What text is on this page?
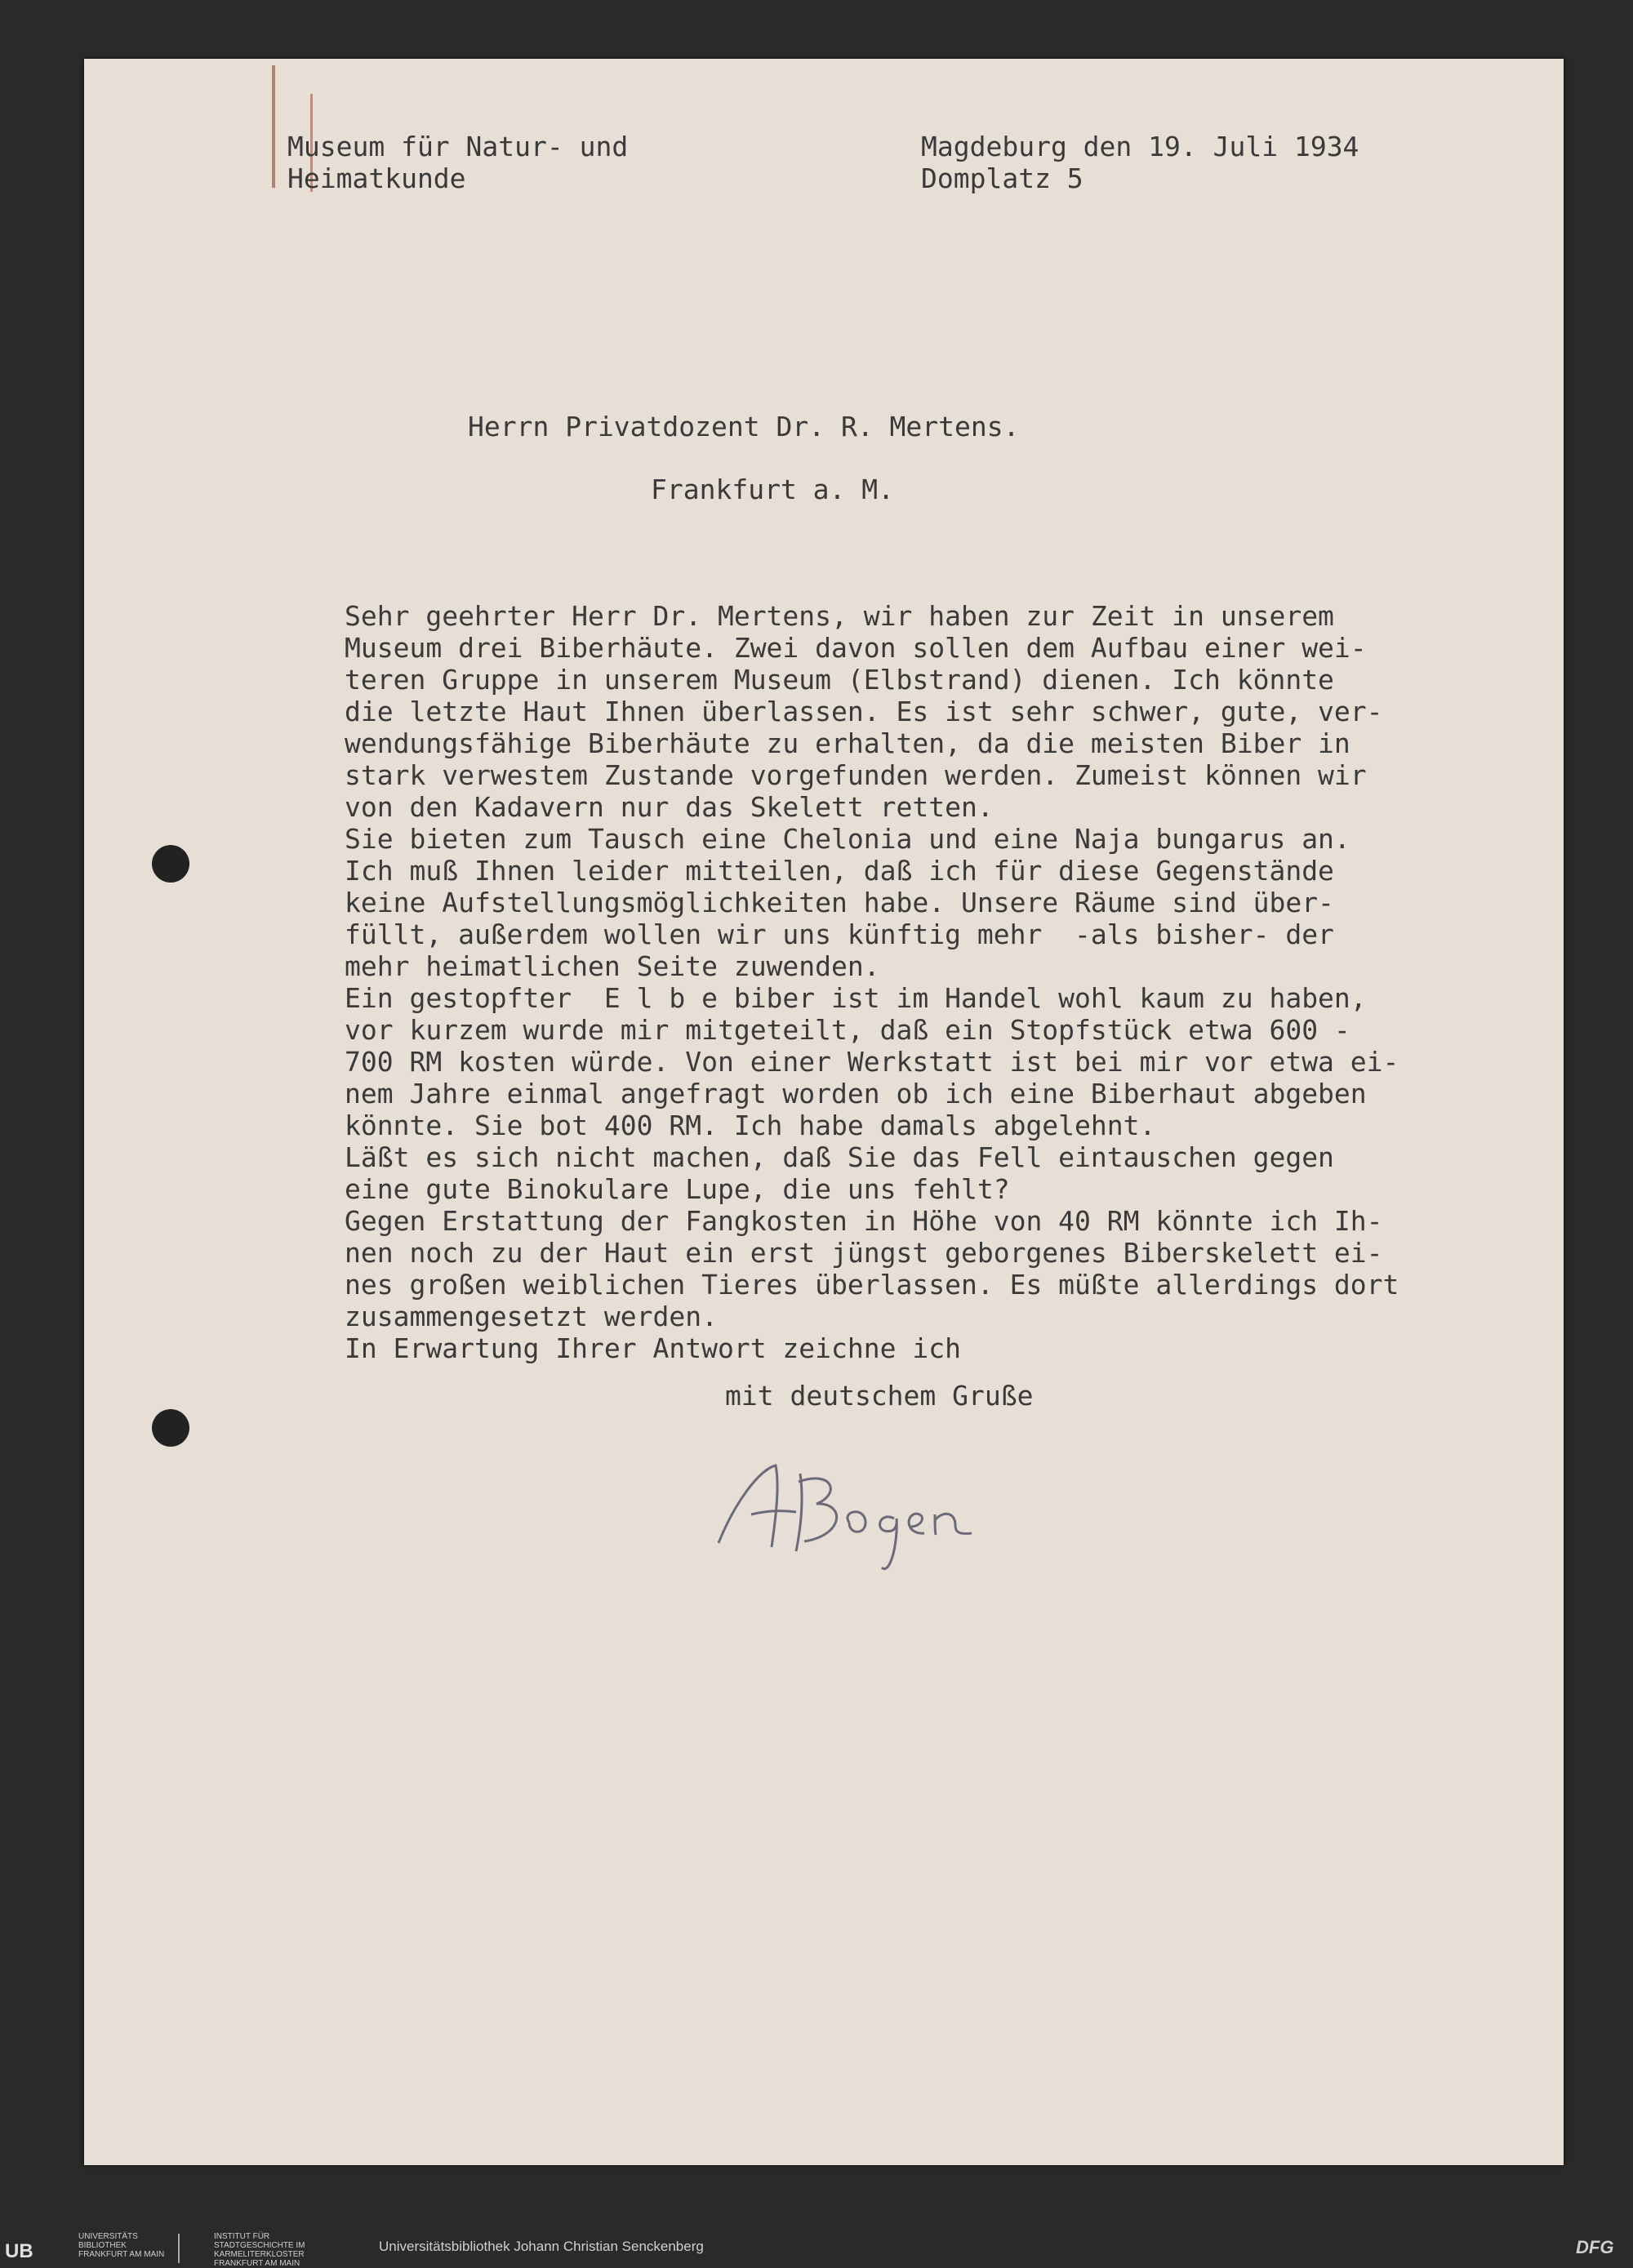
Museum für Natur- und
Heimatkunde
Magdeburg den 19. Juli 1934
Domplatz 5
Herrn Privatdozent Dr. R. Mertens.
Frankfurt a. M.

Sehr geehrter Herr Dr. Mertens, wir haben zur Zeit in unserem

Museum drei Biberhäute. Zwei davon sollen dem Aufbau einer wei-

teren Gruppe in unserem Museum (Elbstrand) dienen. Ich könnte

die letzte Haut Ihnen überlassen. Es ist sehr schwer, gute, ver-

wendungsfähige Biberhäute zu erhalten, da die meisten Biber in

stark verwestem Zustande vorgefunden werden. Zumeist können wir

von den Kadavern nur das Skelett retten.

Sie bieten zum Tausch eine Chelonia und eine Naja bungarus an.

Ich muß Ihnen leider mitteilen, daß ich für diese Gegenstände

keine Aufstellungsmöglichkeiten habe. Unsere Räume sind über-

füllt, außerdem wollen wir uns künftig mehr  -als bisher- der

mehr heimatlichen Seite zuwenden.

Ein gestopfter  E l b e biber ist im Handel wohl kaum zu haben,

vor kurzem wurde mir mitgeteilt, daß ein Stopfstück etwa 600 -

700 RM kosten würde. Von einer Werkstatt ist bei mir vor etwa ei-

nem Jahre einmal angefragt worden ob ich eine Biberhaut abgeben

könnte. Sie bot 400 RM. Ich habe damals abgelehnt.

Läßt es sich nicht machen, daß Sie das Fell eintauschen gegen

eine gute Binokulare Lupe, die uns fehlt?

Gegen Erstattung der Fangkosten in Höhe von 40 RM könnte ich Ih-

nen noch zu der Haut ein erst jüngst geborgenes Biberskelett ei-

nes großen weiblichen Tieres überlassen. Es müßte allerdings dort

zusammengesetzt werden.

In Erwartung Ihrer Antwort zeichne ich

mit deutschem Gruße
UB
UNIVERSITÄTS BIBLIOTHEK FRANKFURT AM MAIN
INSTITUT FÜR STADTGESCHICHTE IM KARMELITERKLOSTER FRANKFURT AM MAIN
Universitätsbibliothek Johann Christian Senckenberg	DFG
